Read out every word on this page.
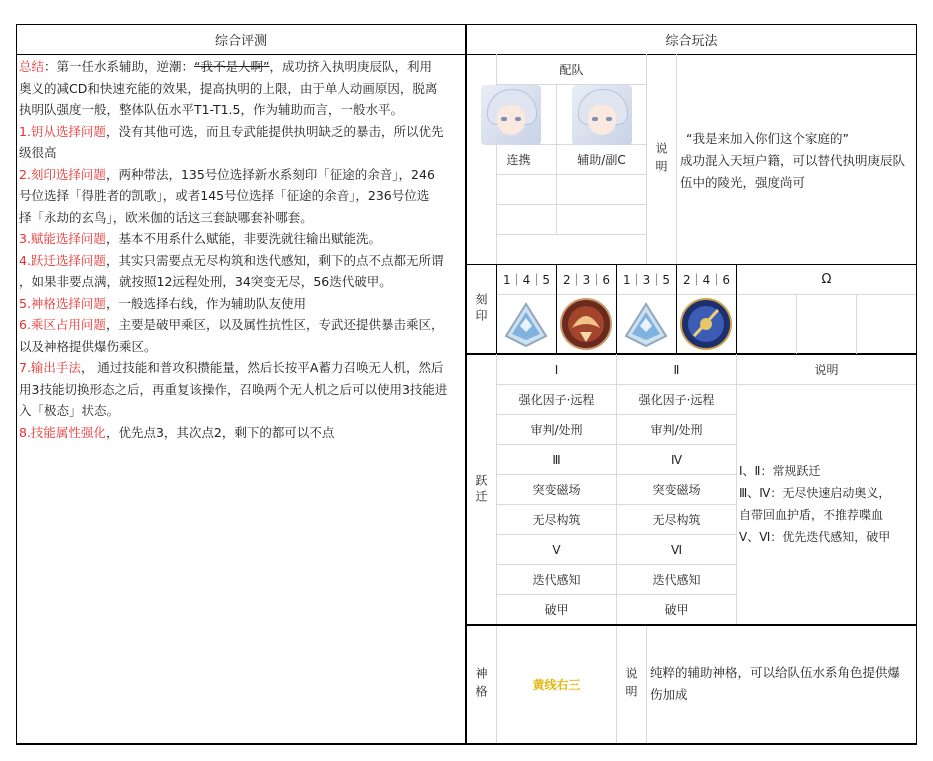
综合评测
总结：第一任水系辅助，逆潮：“我不是人啊”，成功挤入执明庚辰队，利用
奥义的减CD和快速充能的效果，提高执明的上限，由于单人动画原因，脱离
执明队强度一般，整体队伍水平T1-T1.5，作为辅助而言，一般水平。
1.钥从选择问题，没有其他可选，而且专武能提供执明缺乏的暴击，所以优先
级很高
2.刻印选择问题，两种带法，135号位选择新水系刻印「征途的余音」，246
号位选择「得胜者的凯歌」，或者145号位选择「征途的余音」，236号位选
择「永劫的玄鸟」，欧米伽的话这三套缺哪套补哪套。
3.赋能选择问题，基本不用系什么赋能，非要洗就往输出赋能洗。
4.跃迁选择问题，其实只需要点无尽构筑和迭代感知，剩下的点不点都无所谓
，如果非要点满，就按照12远程处刑，34突变无尽，56迭代破甲。
5.神格选择问题，一般选择右线，作为辅助队友使用
6.乘区占用问题，主要是破甲乘区，以及属性抗性区，专武还提供暴击乘区，
以及神格提供爆伤乘区。
7.输出手法， 通过技能和普攻积攒能量，然后长按平A蓄力召唤无人机，然后
用3技能切换形态之后，再重复该操作，召唤两个无人机之后可以使用3技能进
入「极态」状态。
8.技能属性强化，优先点3，其次点2，剩下的都可以不点
综合玩法
配队
连携	辅助/副C	说明
“我是来加入你们这个家庭的”
成功混入天垣户籍，可以替代执明庚辰队
伍中的陵光，强度尚可
刻印
1｜4｜5	2｜3｜6	1｜3｜5	2｜4｜6	Ω
跃迁
Ⅰ	Ⅱ	说明
强化因子·远程	强化因子·远程
审判/处刑	审判/处刑
Ⅲ	Ⅳ
突变磁场	突变磁场
无尽构筑	无尽构筑
Ⅴ	Ⅵ
迭代感知	迭代感知
破甲	破甲
Ⅰ、Ⅱ：常规跃迁
Ⅲ、Ⅳ：无尽快速启动奥义，
自带回血护盾，不推荐喋血
Ⅴ、Ⅵ：优先迭代感知，破甲
神格	黄线右三	说明 纯粹的辅助神格，可以给队伍水系角色提供爆
伤加成
